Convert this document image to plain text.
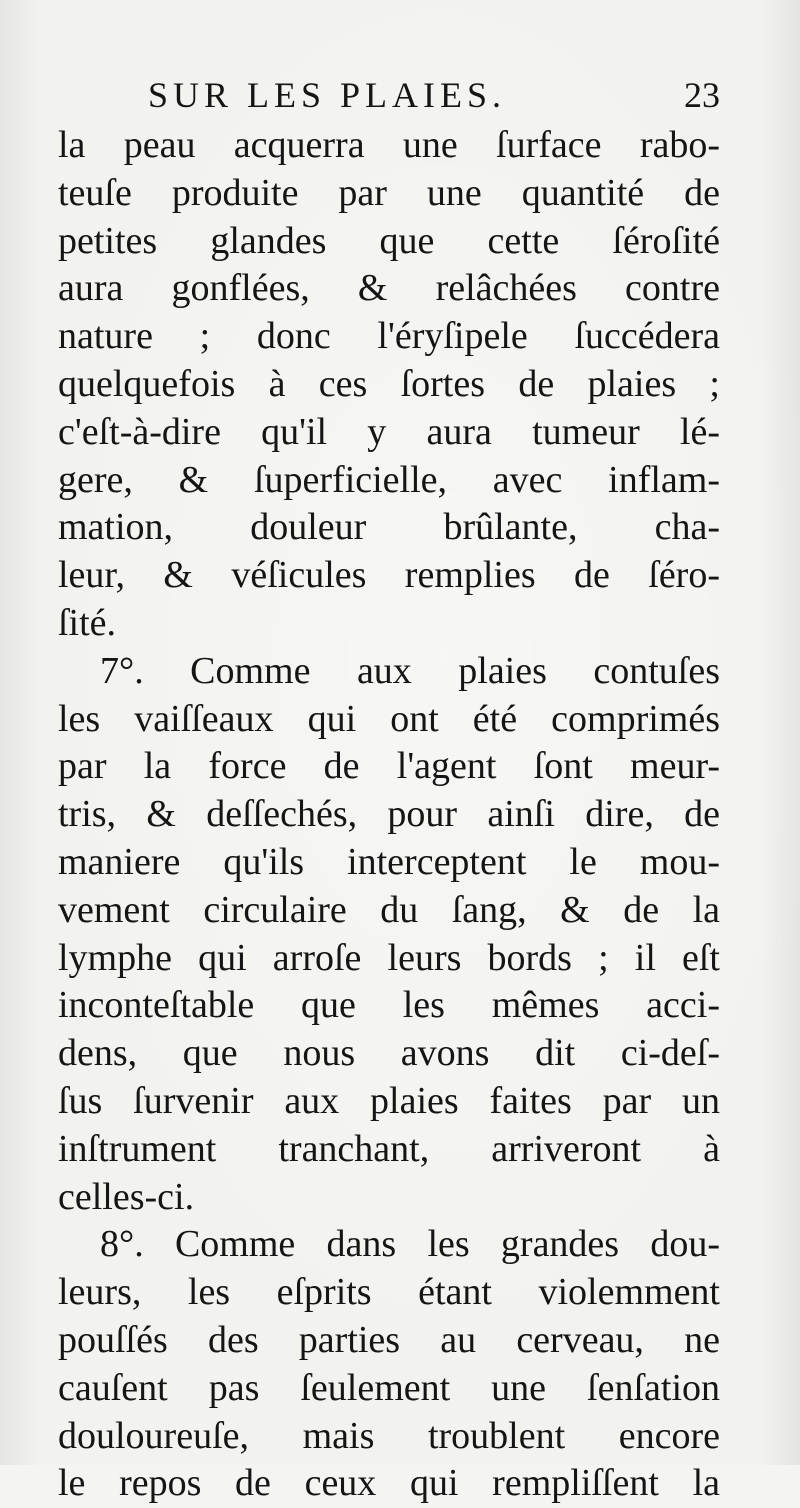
SUR LES PLAIES.	23
la peau acquerra une ſurface rabo-
teuſe produite par une quantité de
petites glandes que cette ſéroſité
aura gonflées, & relâchées contre
nature ; donc l'éryſipele ſuccédera
quelquefois à ces ſortes de plaies ;
c'eſt-à-dire qu'il y aura tumeur lé-
gere, & ſuperficielle, avec inflam-
mation, douleur brûlante, cha-
leur, & véſicules remplies de ſéro-
ſité.
7°. Comme aux plaies contuſes
les vaiſſeaux qui ont été comprimés
par la force de l'agent ſont meur-
tris, & deſſechés, pour ainſi dire, de
maniere qu'ils interceptent le mou-
vement circulaire du ſang, & de la
lymphe qui arroſe leurs bords ; il eſt
inconteſtable que les mêmes acci-
dens, que nous avons dit ci-deſ-
ſus ſurvenir aux plaies faites par un
inſtrument tranchant, arriveront à
celles-ci.
8°. Comme dans les grandes dou-
leurs, les eſprits étant violemment
pouſſés des parties au cerveau, ne
cauſent pas ſeulement une ſenſation
douloureuſe, mais troublent encore
le repos de ceux qui rempliſſent la
